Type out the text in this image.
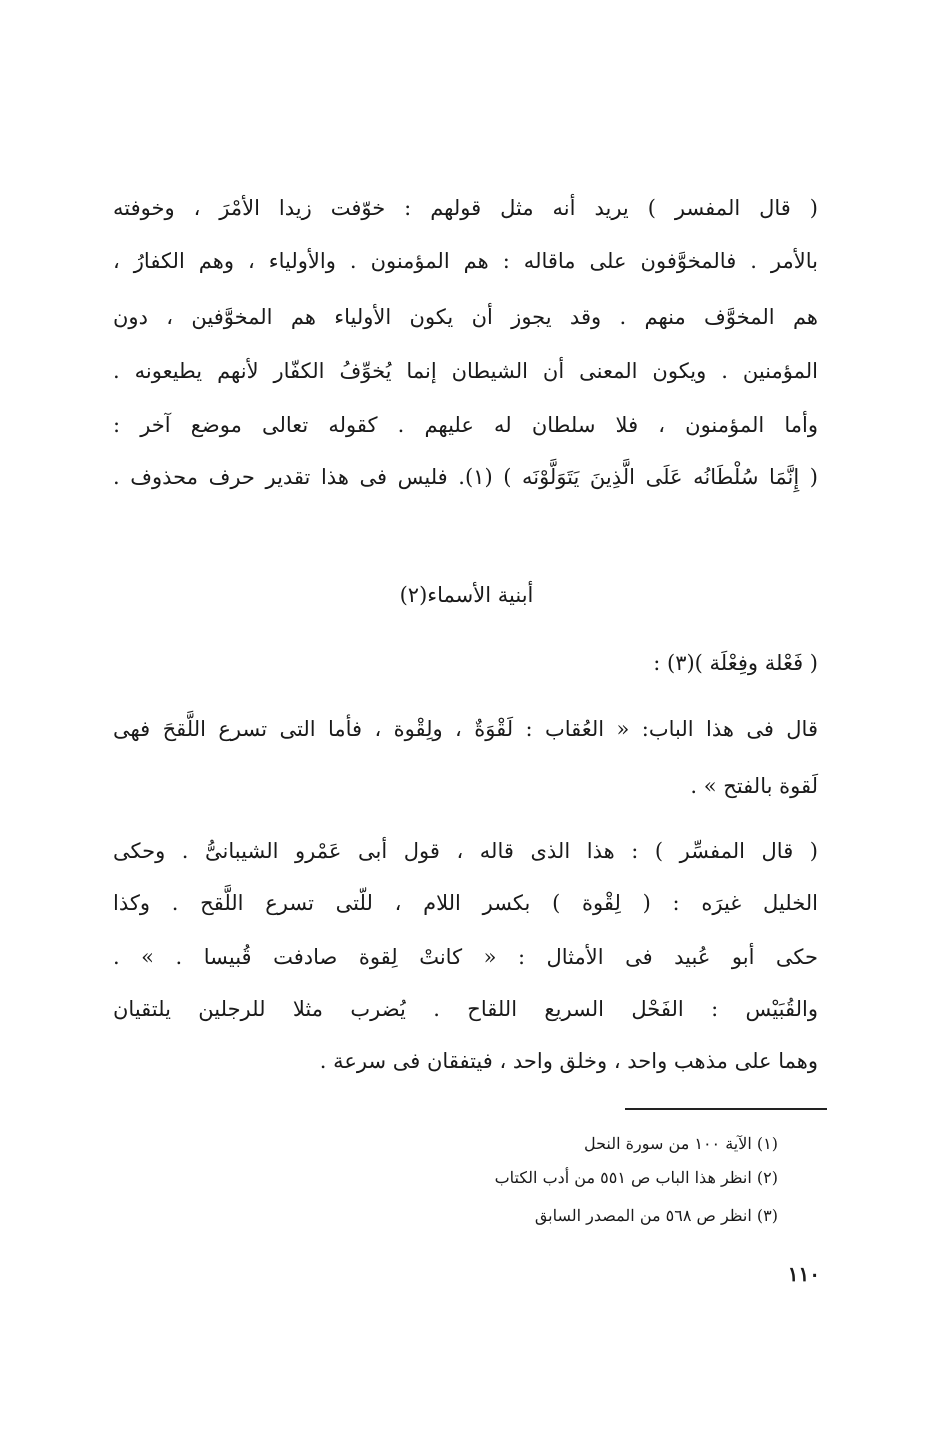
( قال المفسر ) يريد أنه مثل قولهم : خوّفت زيدا الأمْرَ ، وخوفته
بالأمر . فالمخوَّفون على ماقاله : هم المؤمنون . والأولياء ، وهم الكفارُ ،
هم المخوَّف منهم . وقد يجوز أن يكون الأولياء هم المخوَّفين ، دون
المؤمنين . ويكون المعنى أن الشيطان إنما يُخوِّفُ الكفّار لأنهم يطيعونه .
وأما المؤمنون ، فلا سلطان له عليهم . كقوله تعالى موضع آخر :
( إِنَّمَا سُلْطَانُه عَلَى الَّذِينَ يَتَوَلَّوْنَه ) (١). فليس فى هذا تقدير حرف محذوف .
أبنية الأسماء(٢)
( فَعْلة وفِعْلَة )(٣) :
قال فى هذا الباب: « العُقاب : لَقْوَةٌ ، ولِقْوة ، فأما التى تسرع اللَّقحَ فهى
لَقوة بالفتح » .
( قال المفسِّر ) : هذا الذى قاله ، قول أبى عَمْرو الشيبانىُّ . وحكى
الخليل غيرَه : ( لِقْوة ) بكسر اللام ، للّتى تسرع اللَّقح . وكذا
حكى أبو عُبيد فى الأمثال : « كانتْ لِقوة صادفت قُبيسا . » .
والقُبَيْس : الفَحْل السريع اللقاح . يُضرب مثلا للرجلين يلتقيان
وهما على مذهب واحد ، وخلق واحد ، فيتفقان فى سرعة .
(١) الآية ١٠٠ من سورة النحل
(٢) انظر هذا الباب ص ٥٥١ من أدب الكتاب
(٣) انظر ص ٥٦٨ من المصدر السابق
١١٠
